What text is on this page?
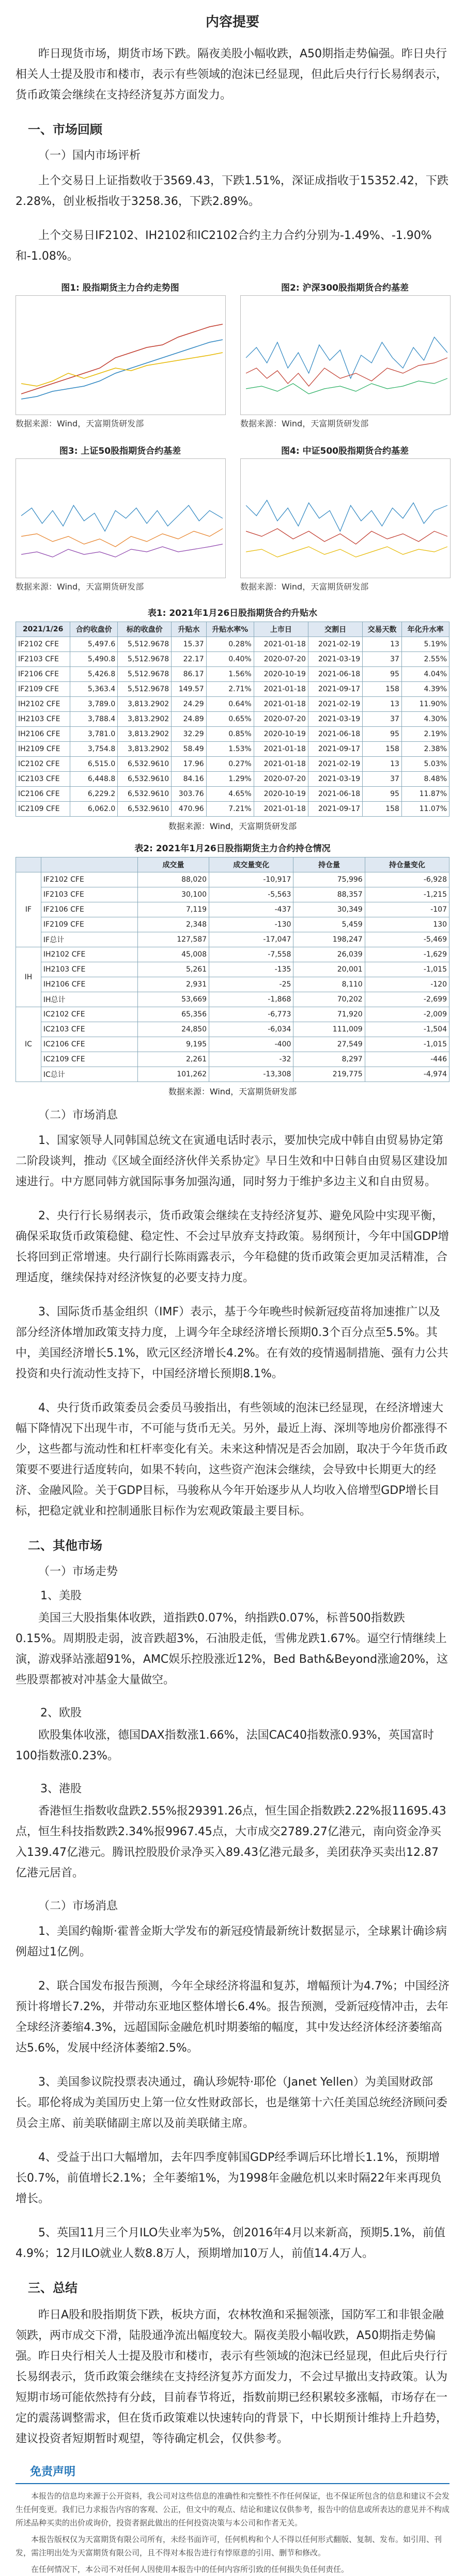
内容提要

昨日现货市场，期货市场下跌。隔夜美股小幅收跌，A50期指走势偏强。昨日央行相关人士提及股市和楼市，表示有些领域的泡沫已经显现，但此后央行行长易纲表示，货币政策会继续在支持经济复苏方面发力。

一、市场回顾
（一）国内市场评析

上个交易日上证指数收于3569.43，下跌1.51%，深证成指收于15352.42，下跌2.28%，创业板指收于3258.36，下跌2.89%。

上个交易日IF2102、IH2102和IC2102合约主力合约分别为-1.49%、-1.90%和-1.08%。

图1: 股指期货主力合约走势图
数据来源：Wind，天富期货研发部
图2: 沪深300股指期货合约基差
数据来源：Wind，天富期货研发部
图3: 上证50股指期货合约基差
数据来源：Wind，天富期货研发部
图4: 中证500股指期货合约基差
数据来源：Wind，天富期货研发部
表1: 2021年1月26日股指期货合约升贴水
2021/1/26	合约收盘价	标的收盘价	升贴水	升贴水率%	上市日	交割日	交易天数	年化升水率
IF2102 CFE	5,497.6	5,512.9678	15.37	0.28%	2021-01-18	2021-02-19	13	5.19%
IF2103 CFE	5,490.8	5,512.9678	22.17	0.40%	2020-07-20	2021-03-19	37	2.55%
IF2106 CFE	5,426.8	5,512.9678	86.17	1.56%	2020-10-19	2021-06-18	95	4.04%
IF2109 CFE	5,363.4	5,512.9678	149.57	2.71%	2021-01-18	2021-09-17	158	4.39%
IH2102 CFE	3,789.0	3,813.2902	24.29	0.64%	2021-01-18	2021-02-19	13	11.90%
IH2103 CFE	3,788.4	3,813.2902	24.89	0.65%	2020-07-20	2021-03-19	37	4.30%
IH2106 CFE	3,781.0	3,813.2902	32.29	0.85%	2020-10-19	2021-06-18	95	2.19%
IH2109 CFE	3,754.8	3,813.2902	58.49	1.53%	2021-01-18	2021-09-17	158	2.38%
IC2102 CFE	6,515.0	6,532.9610	17.96	0.27%	2021-01-18	2021-02-19	13	5.03%
IC2103 CFE	6,448.8	6,532.9610	84.16	1.29%	2020-07-20	2021-03-19	37	8.48%
IC2106 CFE	6,229.2	6,532.9610	303.76	4.65%	2020-10-19	2021-06-18	95	11.87%
IC2109 CFE	6,062.0	6,532.9610	470.96	7.21%	2021-01-18	2021-09-17	158	11.07%
数据来源：Wind，天富期货研发部
表2: 2021年1月26日股指期货主力合约持仓情况
		成交量	成交量变化	持仓量	持仓量变化
IF	IF2102 CFE	88,020	-10,917	75,996	-6,928
	IF2103 CFE	30,100	-5,563	88,357	-1,215
	IF2106 CFE	7,119	-437	30,349	-107
	IF2109 CFE	2,348	-130	5,459	130
	IF总计	127,587	-17,047	198,247	-5,469
IH	IH2102 CFE	45,008	-7,558	26,039	-1,629
	IH2103 CFE	5,261	-135	20,001	-1,015
	IH2106 CFE	2,931	-25	8,110	-120
	IH总计	53,669	-1,868	70,202	-2,699
IC	IC2102 CFE	65,356	-6,773	71,920	-2,009
	IC2103 CFE	24,850	-6,034	111,009	-1,504
	IC2106 CFE	9,195	-400	27,549	-1,015
	IC2109 CFE	2,261	-32	8,297	-446
	IC总计	101,262	-13,308	219,775	-4,974
数据来源：Wind，天富期货研发部
（二）市场消息

1、国家领导人同韩国总统文在寅通电话时表示，要加快完成中韩自由贸易协定第二阶段谈判，推动《区域全面经济伙伴关系协定》早日生效和中日韩自由贸易区建设加速进行。中方愿同韩方就国际事务加强沟通，同时努力于维护多边主义和自由贸易。

2、央行行长易纲表示，货币政策会继续在支持经济复苏、避免风险中实现平衡，确保采取货币政策稳健、稳定性、不会过早放弃支持政策。易纲预计，今年中国GDP增长将回到正常增速。央行副行长陈雨露表示，今年稳健的货币政策会更加灵活精准，合理适度，继续保持对经济恢复的必要支持力度。

3、国际货币基金组织（IMF）表示，基于今年晚些时候新冠疫苗将加速推广以及部分经济体增加政策支持力度，上调今年全球经济增长预期0.3个百分点至5.5%。其中，美国经济增长5.1%，欧元区经济增长4.2%。在有效的疫情遏制措施、强有力公共投资和央行流动性支持下，中国经济增长预期8.1%。

4、央行货币政策委员会委员马骏指出，有些领域的泡沫已经显现，在经济增速大幅下降情况下出现牛市，不可能与货币无关。另外，最近上海、深圳等地房价都涨得不少，这些都与流动性和杠杆率变化有关。未来这种情况是否会加剧，取决于今年货币政策要不要进行适度转向，如果不转向，这些资产泡沫会继续，会导致中长期更大的经济、金融风险。关于GDP目标，马骏称从今年开始逐步从人均收入倍增型GDP增长目标，把稳定就业和控制通胀目标作为宏观政策最主要目标。

二、其他市场
（一）市场走势
1、美股

美国三大股指集体收跌，道指跌0.07%，纳指跌0.07%，标普500指数跌0.15%。周期股走弱，波音跌超3%，石油股走低，雪佛龙跌1.67%。逼空行情继续上演，游戏驿站涨超91%，AMC娱乐控股涨近12%，Bed Bath&Beyond涨逾20%，这些股票都被对冲基金大量做空。

2、欧股

欧股集体收涨，德国DAX指数涨1.66%，法国CAC40指数涨0.93%，英国富时100指数涨0.23%。

3、港股

香港恒生指数收盘跌2.55%报29391.26点，恒生国企指数跌2.22%报11695.43点，恒生科技指数跌2.34%报9967.45点，大市成交2789.27亿港元，南向资金净买入139.47亿港元。腾讯控股股价录净买入89.43亿港元最多，美团获净买卖出12.87亿港元居首。

（二）市场消息

1、美国约翰斯·霍普金斯大学发布的新冠疫情最新统计数据显示，全球累计确诊病例超过1亿例。

2、联合国发布报告预测，今年全球经济将温和复苏，增幅预计为4.7%；中国经济预计将增长7.2%，并带动东亚地区整体增长6.4%。报告预测，受新冠疫情冲击，去年全球经济萎缩4.3%，远超国际金融危机时期萎缩的幅度，其中发达经济体经济萎缩高达5.6%，发展中经济体萎缩2.5%。

3、美国参议院投票表决通过，确认珍妮特·耶伦（Janet Yellen）为美国财政部长。耶伦将成为美国历史上第一位女性财政部长，也是继第十六任美国总统经济顾问委员会主席、前美联储副主席以及前美联储主席。

4、受益于出口大幅增加，去年四季度韩国GDP经季调后环比增长1.1%，预期增长0.7%，前值增长2.1%；全年萎缩1%，为1998年金融危机以来时隔22年来再现负增长。

5、英国11月三个月ILO失业率为5%，创2016年4月以来新高，预期5.1%，前值4.9%；12月ILO就业人数8.8万人，预期增加10万人，前值14.4万人。

三、总结

昨日A股和股指期货下跌，板块方面，农林牧渔和采掘领涨，国防军工和非银金融领跌，两市成交下滑，陆股通净流出幅度较大。隔夜美股小幅收跌，A50期指走势偏强。昨日央行相关人士提及股市和楼市，表示有些领域的泡沫已经显现，但此后央行行长易纲表示，货币政策会继续在支持经济复苏方面发力，不会过早撤出支持政策。认为短期市场可能依然持有分歧，目前春节将近，指数前期已经积累较多涨幅，市场存在一定的震荡调整需求，但在货币政策难以快速转向的背景下，中长期预计维持上升趋势，建议投资者短期暂时观望，等待确定机会，仅供参考。

免责声明

本报告的信息均来源于公开资料，我公司对这些信息的准确性和完整性不作任何保证，也不保证所包含的信息和建议不会发生任何变更。我们已力求报告内容的客观、公正，但文中的观点、结论和建议仅供参考，报告中的信息或所表达的意见并不构成所述品种买卖的出价或询价，投资者据此做出的任何投资决策与本公司和作者无关。

本报告版权仅为天富期货有限公司所有，未经书面许可，任何机构和个人不得以任何形式翻版、复制、发布。如引用、刊发，需注明出处为天富期货有限公司，且不得对本报告进行有悖原意的引用、删节和修改。

在任何情况下，本公司不对任何人因使用本报告中的任何内容所引致的任何损失负任何责任。
